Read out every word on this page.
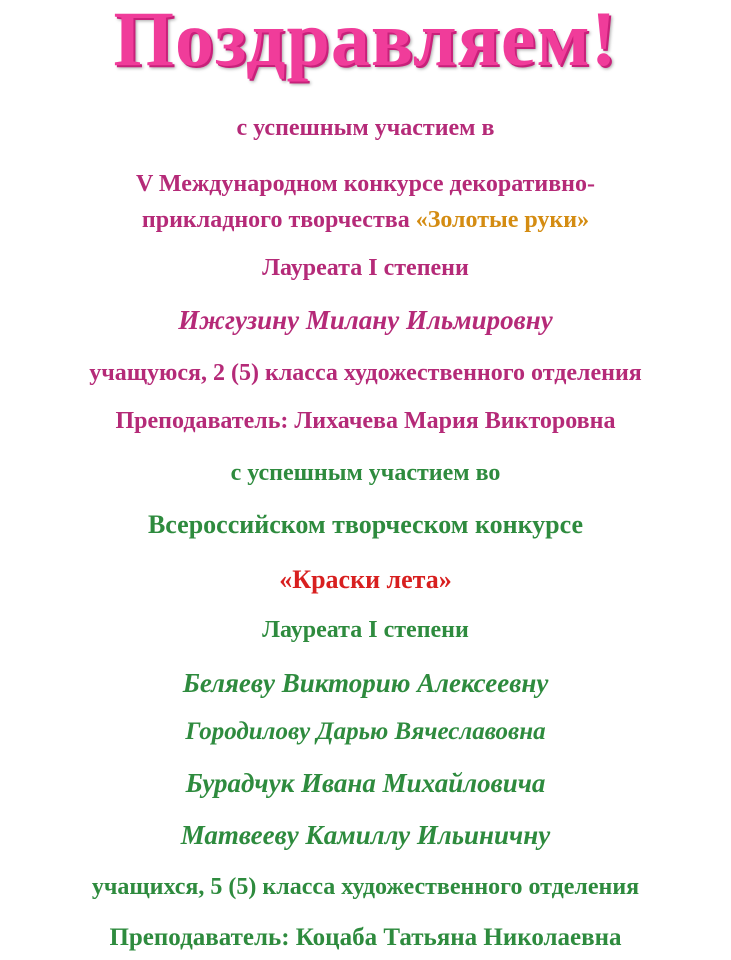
Поздравляем!
с успешным участием в
V Международном конкурсе декоративно-
прикладного творчества «Золотые руки»
Лауреата I степени
Ижгузину Милану Ильмировну
учащуюся, 2 (5) класса художественного отделения
Преподаватель: Лихачева Мария Викторовна
с успешным участием во
Всероссийском творческом конкурсе
«Краски лета»
Лауреата I степени
Беляеву Викторию Алексеевну
Городилову Дарью Вячеславовна
Бурадчук Ивана Михайловича
Матвееву Камиллу Ильиничну
учащихся, 5 (5) класса художественного отделения
Преподаватель: Коцаба Татьяна Николаевна
